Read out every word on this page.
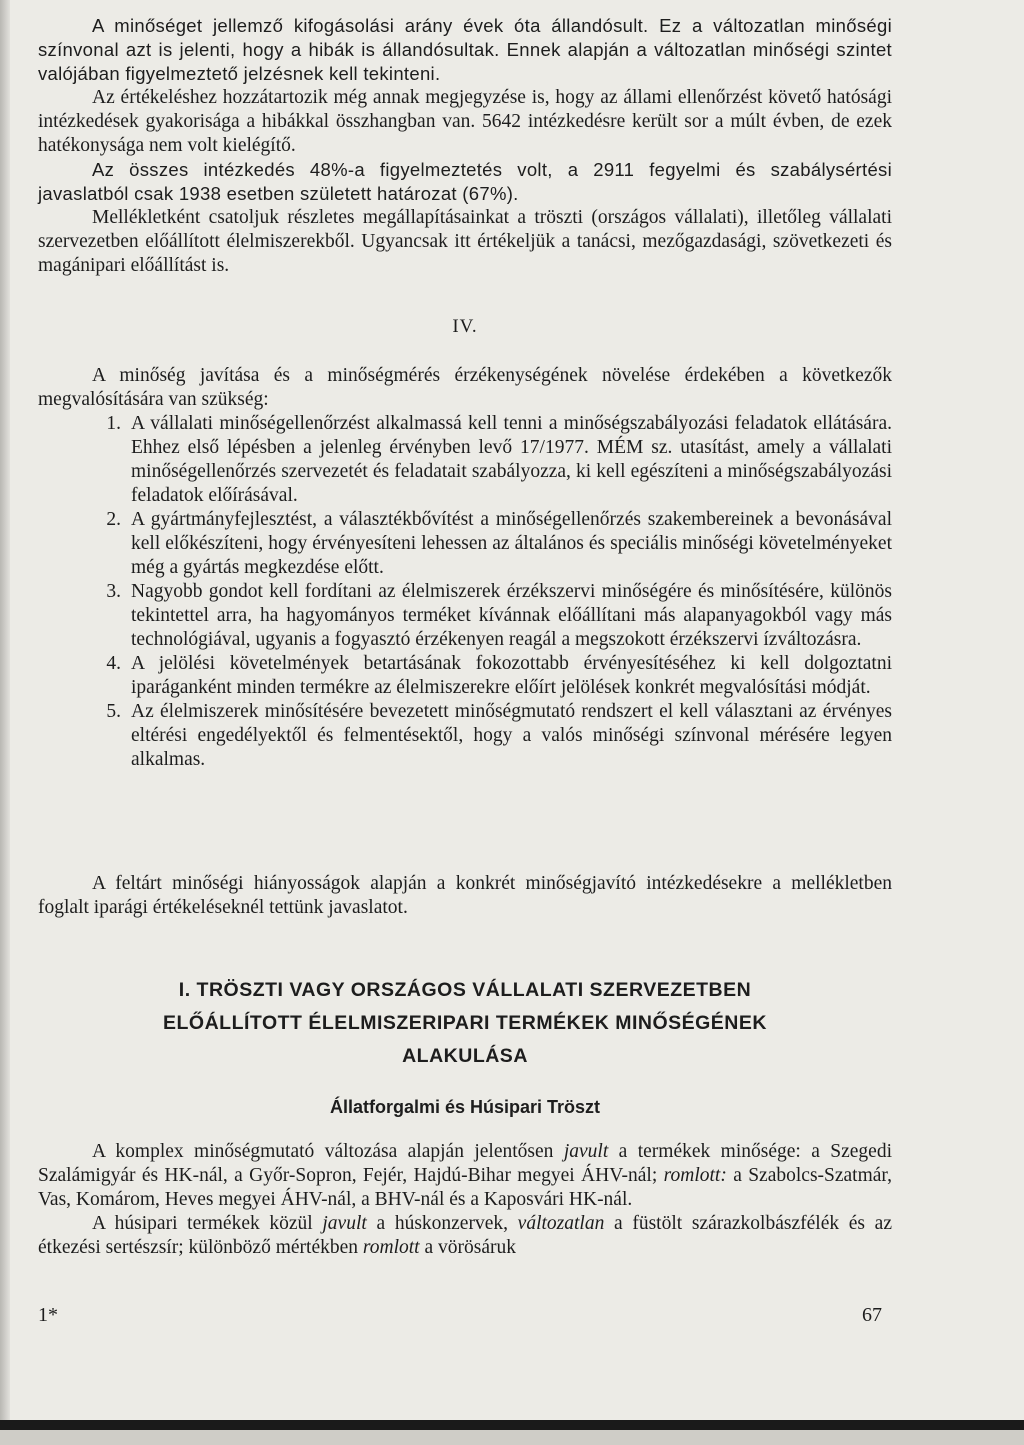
A minőséget jellemző kifogásolási arány évek óta állandósult. Ez a változatlan minőségi színvonal azt is jelenti, hogy a hibák is állandósultak. Ennek alapján a változatlan minőségi szintet valójában figyelmeztető jelzésnek kell tekinteni.

Az értékeléshez hozzátartozik még annak megjegyzése is, hogy az állami ellenőrzést követő hatósági intézkedések gyakorisága a hibákkal összhangban van. 5642 intézkedésre került sor a múlt évben, de ezek hatékonysága nem volt kielégítő.

Az összes intézkedés 48%-a figyelmeztetés volt, a 2911 fegyelmi és szabálysértési javaslatból csak 1938 esetben született határozat (67%).

Mellékletként csatoljuk részletes megállapításainkat a tröszti (országos vállalati), illetőleg vállalati szervezetben előállított élelmiszerekből. Ugyancsak itt értékeljük a tanácsi, mezőgazdasági, szövetkezeti és magánipari előállítást is.

IV.

A minőség javítása és a minőségmérés érzékenységének növelése érdekében a következők megvalósítására van szükség:

1. A vállalati minőségellenőrzést alkalmassá kell tenni a minőségszabályozási feladatok ellátására. Ehhez első lépésben a jelenleg érvényben levő 17/1977. MÉM sz. utasítást, amely a vállalati minőségellenőrzés szervezetét és feladatait szabályozza, ki kell egészíteni a minőségszabályozási feladatok előírásával.
2. A gyártmányfejlesztést, a választékbővítést a minőségellenőrzés szakembereinek a bevonásával kell előkészíteni, hogy érvényesíteni lehessen az általános és speciális minőségi követelményeket még a gyártás megkezdése előtt.
3. Nagyobb gondot kell fordítani az élelmiszerek érzékszervi minőségére és minősítésére, különös tekintettel arra, ha hagyományos terméket kívánnak előállítani más alapanyagokból vagy más technológiával, ugyanis a fogyasztó érzékenyen reagál a megszokott érzékszervi ízváltozásra.
4. A jelölési követelmények betartásának fokozottabb érvényesítéséhez ki kell dolgoztatni iparáganként minden termékre az élelmiszerekre előírt jelölések konkrét megvalósítási módját.
5. Az élelmiszerek minősítésére bevezetett minőségmutató rendszert el kell választani az érvényes eltérési engedélyektől és felmentésektől, hogy a valós minőségi színvonal mérésére legyen alkalmas.

A feltárt minőségi hiányosságok alapján a konkrét minőségjavító intézkedésekre a mellékletben foglalt iparági értékeléseknél tettünk javaslatot.

I. TRÖSZTI VAGY ORSZÁGOS VÁLLALATI SZERVEZETBEN
ELŐÁLLÍTOTT ÉLELMISZERIPARI TERMÉKEK MINŐSÉGÉNEK
ALAKULÁSA
Állatforgalmi és Húsipari Tröszt

A komplex minőségmutató változása alapján jelentősen javult a termékek minősége: a Szegedi Szalámigyár és HK-nál, a Győr-Sopron, Fejér, Hajdú-Bihar megyei ÁHV-nál; romlott: a Szabolcs-Szatmár, Vas, Komárom, Heves megyei ÁHV-nál, a BHV-nál és a Kaposvári HK-nál.

A húsipari termékek közül javult a húskonzervek, változatlan a füstölt szárazkolbászfélék és az étkezési sertészsír; különböző mértékben romlott a vörösáruk

1*	67
